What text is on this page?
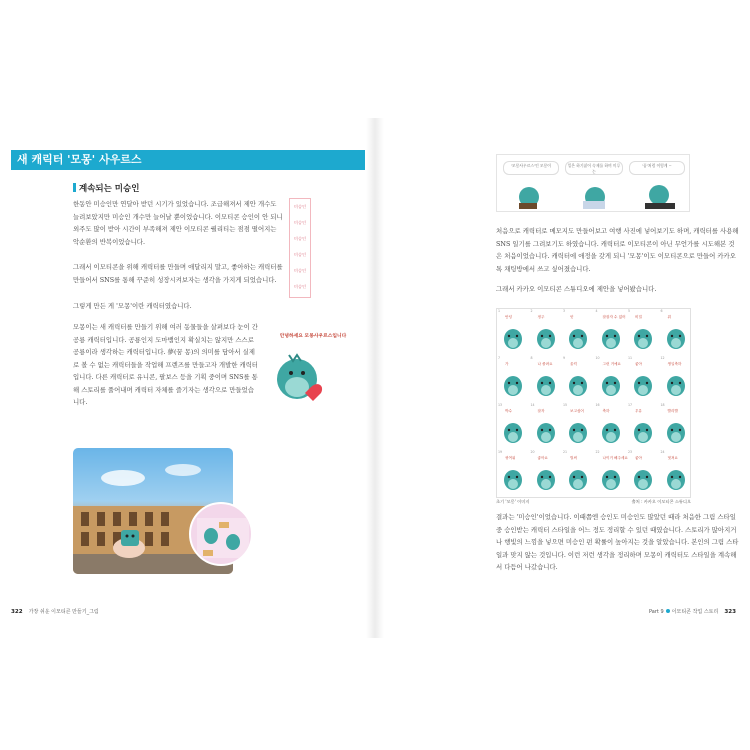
새 캐릭터 '모몽' 사우르스
계속되는 미승인
한동안 미승인만 연달아 받던 시기가 있었습니다. 조급해져서 제안 개수도 늘려보았지만 미승인 개수만 늘어날 뿐이었습니다. 이모티콘 승인이 안 되니 외주도 많이 받아 시간이 부족해져 제안 이모티콘 퀄리티는 점점 떨어지는 악순환의 반복이었습니다.
그래서 이모티콘을 위해 캐릭터를 만들며 애달리지 말고, 좋아하는 캐릭터를 만들어서 SNS를 통해 꾸준히 성장시켜보자는 생각을 가지게 되었습니다.
그렇게 만든 게 '모몽'이란 캐릭터였습니다.
모몽이는 새 캐릭터를 만들기 위해 여러 동물들을 살펴보다 눈이 간 공룡 캐릭터입니다. 공룡인지 도마뱀인지 확실치는 않지만 스스로 공룡이라 생각하는 캐릭터입니다. 夢(꿈 몽)의 의미를 담아서 실제로 볼 수 없는 캐릭터들을 작업해 프렌즈를 만들고자 개발한 캐릭터입니다. 다른 캐릭터로 유니콘, 팔보스 등을 기획 중이며 SNS를 통해 스토리를 풀어내며 캐릭터 자체를 즐기자는 생각으로 만들었습니다.
미승인
미승인
미승인
미승인
미승인
미승인
안녕하세요 모몽사우르스입니다
322 가장 쉬운 이모티콘 만들기_그림
'모몽사우르스'인 모몽이	일은 하기싫어 숙제를 하며 미루는
'꿈'처럼 이렇게 ~
처음으로 캐릭터로 메모지도 만들어보고 여행 사진에 넣어보기도 하며, 캐릭터를 사용해 SNS 일기를 그려보기도 하였습니다. 캐릭터로 이모티콘이 아닌 무언가를 시도해본 것은 처음이었습니다. 캐릭터에 애정을 갖게 되니 '모몽'이도 이모티콘으로 만들어 카카오톡 채팅방에서 쓰고 싶어졌습니다.
그래서 카카오 이모티콘 스튜디오에 제안을 넣어봤습니다.
1
안녕
2
정주
3
앗
4
잘잘자 수 없어
5
비밀
6
뭐
7
가
8
나 졸려요
9
울컥
10
그런 거예요
11
좋아
12
생일축하
13
박수
14
잘자
15
보고싶어
16
축하
17
우유
18
빨리빨
19
귀여워
20
좋아요
21
벌써
22
나이거 해주세요
23
좋아
24
멋져요
초기 '모몽' 이미지	출처 : 카카오 이모티콘 스튜디오
결과는 '미승인'이었습니다. 이때쯤엔 승인도 미승인도 많았던 때라 처음한 그림 스타일 중 승인받는 캐릭터 스타일을 어느 정도 정리할 수 있던 때였습니다. 스토리가 많아지거나 행빛의 느낌을 넣으면 미승인 펀 확률이 높아지는 것을 알았습니다. 본인의 그림 스타일과 맞지 않는 것입니다. 이런 저런 생각을 정리하며 모몽이 캐릭터도 스타일을 계속해서 다듬어 나갔습니다.
Part 9 이모티콘 작업 스토리 323
